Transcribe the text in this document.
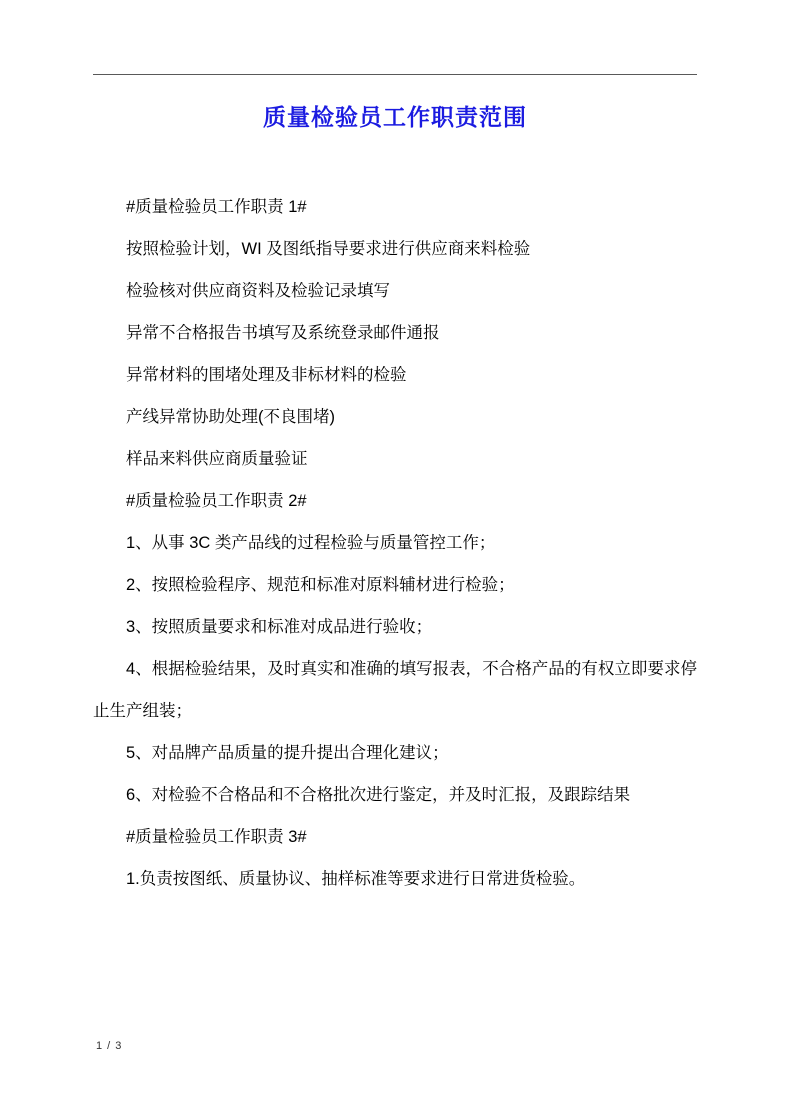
质量检验员工作职责范围
#质量检验员工作职责 1#
按照检验计划，WI 及图纸指导要求进行供应商来料检验
检验核对供应商资料及检验记录填写
异常不合格报告书填写及系统登录邮件通报
异常材料的围堵处理及非标材料的检验
产线异常协助处理(不良围堵)
样品来料供应商质量验证
#质量检验员工作职责 2#
1、从事 3C 类产品线的过程检验与质量管控工作；
2、按照检验程序、规范和标准对原料辅材进行检验；
3、按照质量要求和标准对成品进行验收；
4、根据检验结果，及时真实和准确的填写报表，不合格产品的有权立即要求停止生产组装；
5、对品牌产品质量的提升提出合理化建议；
6、对检验不合格品和不合格批次进行鉴定，并及时汇报，及跟踪结果
#质量检验员工作职责 3#
1.负责按图纸、质量协议、抽样标准等要求进行日常进货检验。
1 / 3
